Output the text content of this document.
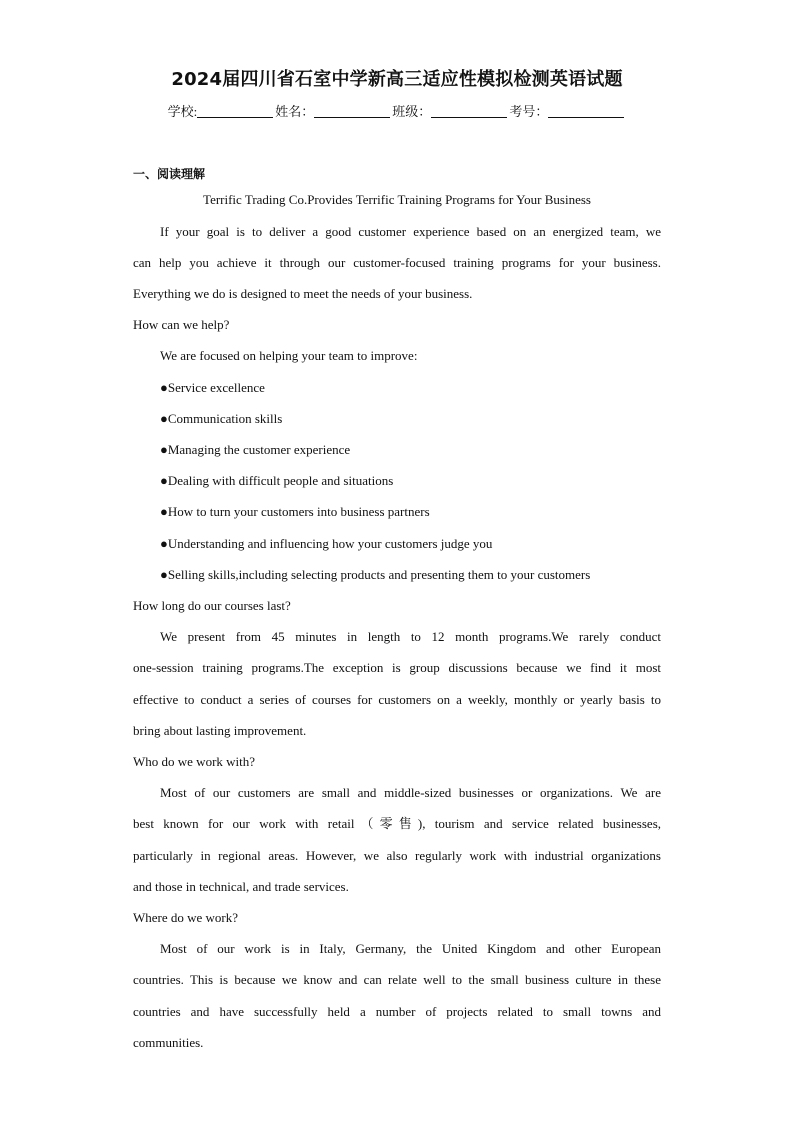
2024届四川省石室中学新高三适应性模拟检测英语试题
学校:	姓名：	班级：	考号：
一、阅读理解
Terrific Trading Co.Provides Terrific Training Programs for Your Business
If your goal is to deliver a good customer experience based on an energized team, we
can help you achieve it through our customer-focused training programs for your business.
Everything we do is designed to meet the needs of your business.
How can we help?
We are focused on helping your team to improve:
●Service excellence
●Communication skills
●Managing the customer experience
●Dealing with difficult people and situations
●How to turn your customers into business partners
●Understanding and influencing how your customers judge you
●Selling skills,including selecting products and presenting them to your customers
How long do our courses last?
We present from 45 minutes in length to 12 month programs.We rarely conduct
one-session training programs.The exception is group discussions because we find it most
effective to conduct a series of courses for customers on a weekly, monthly or yearly basis to
bring about lasting improvement.
Who do we work with?
Most of our customers are small and middle-sized businesses or organizations. We are
best known for our work with retail（零售), tourism and service related businesses,
particularly in regional areas. However, we also regularly work with industrial organizations
and those in technical, and trade services.
Where do we work?
Most of our work is in Italy, Germany, the United Kingdom and other European
countries. This is because we know and can relate well to the small business culture in these
countries and have successfully held a number of projects related to small towns and
communities.
